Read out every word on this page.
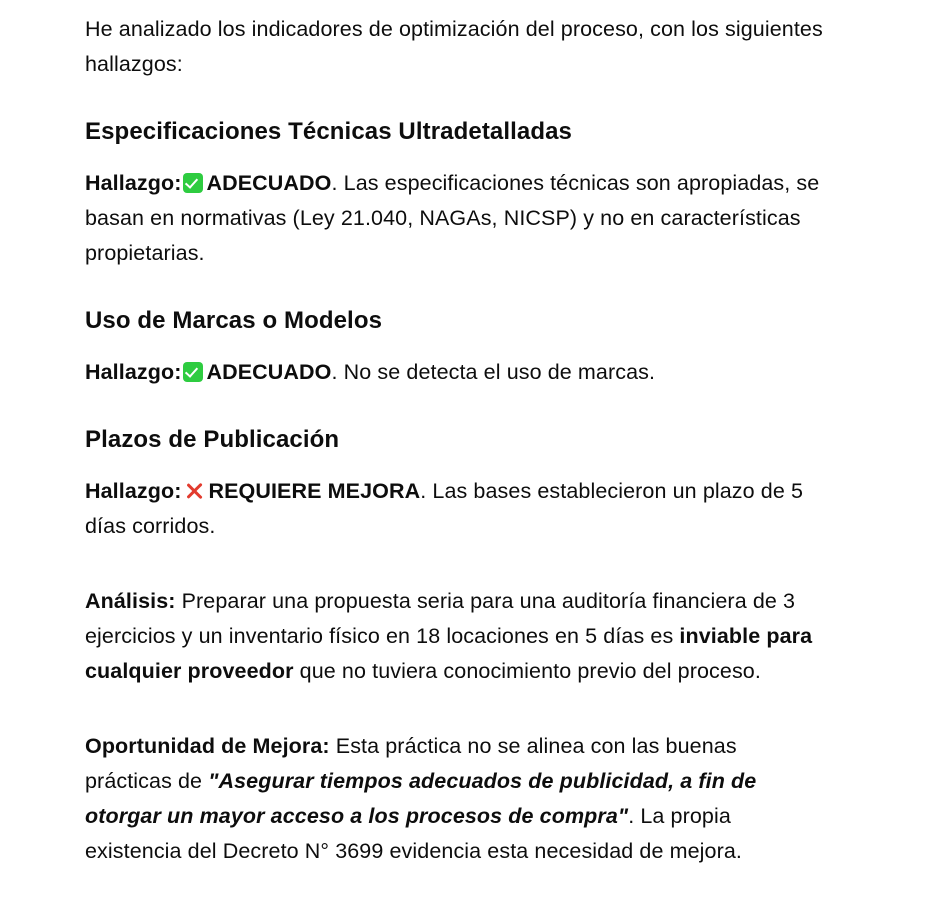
He analizado los indicadores de optimización del proceso, con los siguientes hallazgos:

Especificaciones Técnicas Ultradetalladas

Hallazgo: ADECUADO. Las especificaciones técnicas son apropiadas, se basan en normativas (Ley 21.040, NAGAs, NICSP) y no en características propietarias.

Uso de Marcas o Modelos

Hallazgo: ADECUADO. No se detecta el uso de marcas.

Plazos de Publicación

Hallazgo: REQUIERE MEJORA. Las bases establecieron un plazo de 5 días corridos.

Análisis: Preparar una propuesta seria para una auditoría financiera de 3 ejercicios y un inventario físico en 18 locaciones en 5 días es inviable para cualquier proveedor que no tuviera conocimiento previo del proceso.

Oportunidad de Mejora: Esta práctica no se alinea con las buenas prácticas de "Asegurar tiempos adecuados de publicidad, a fin de otorgar un mayor acceso a los procesos de compra". La propia existencia del Decreto N° 3699 evidencia esta necesidad de mejora.
